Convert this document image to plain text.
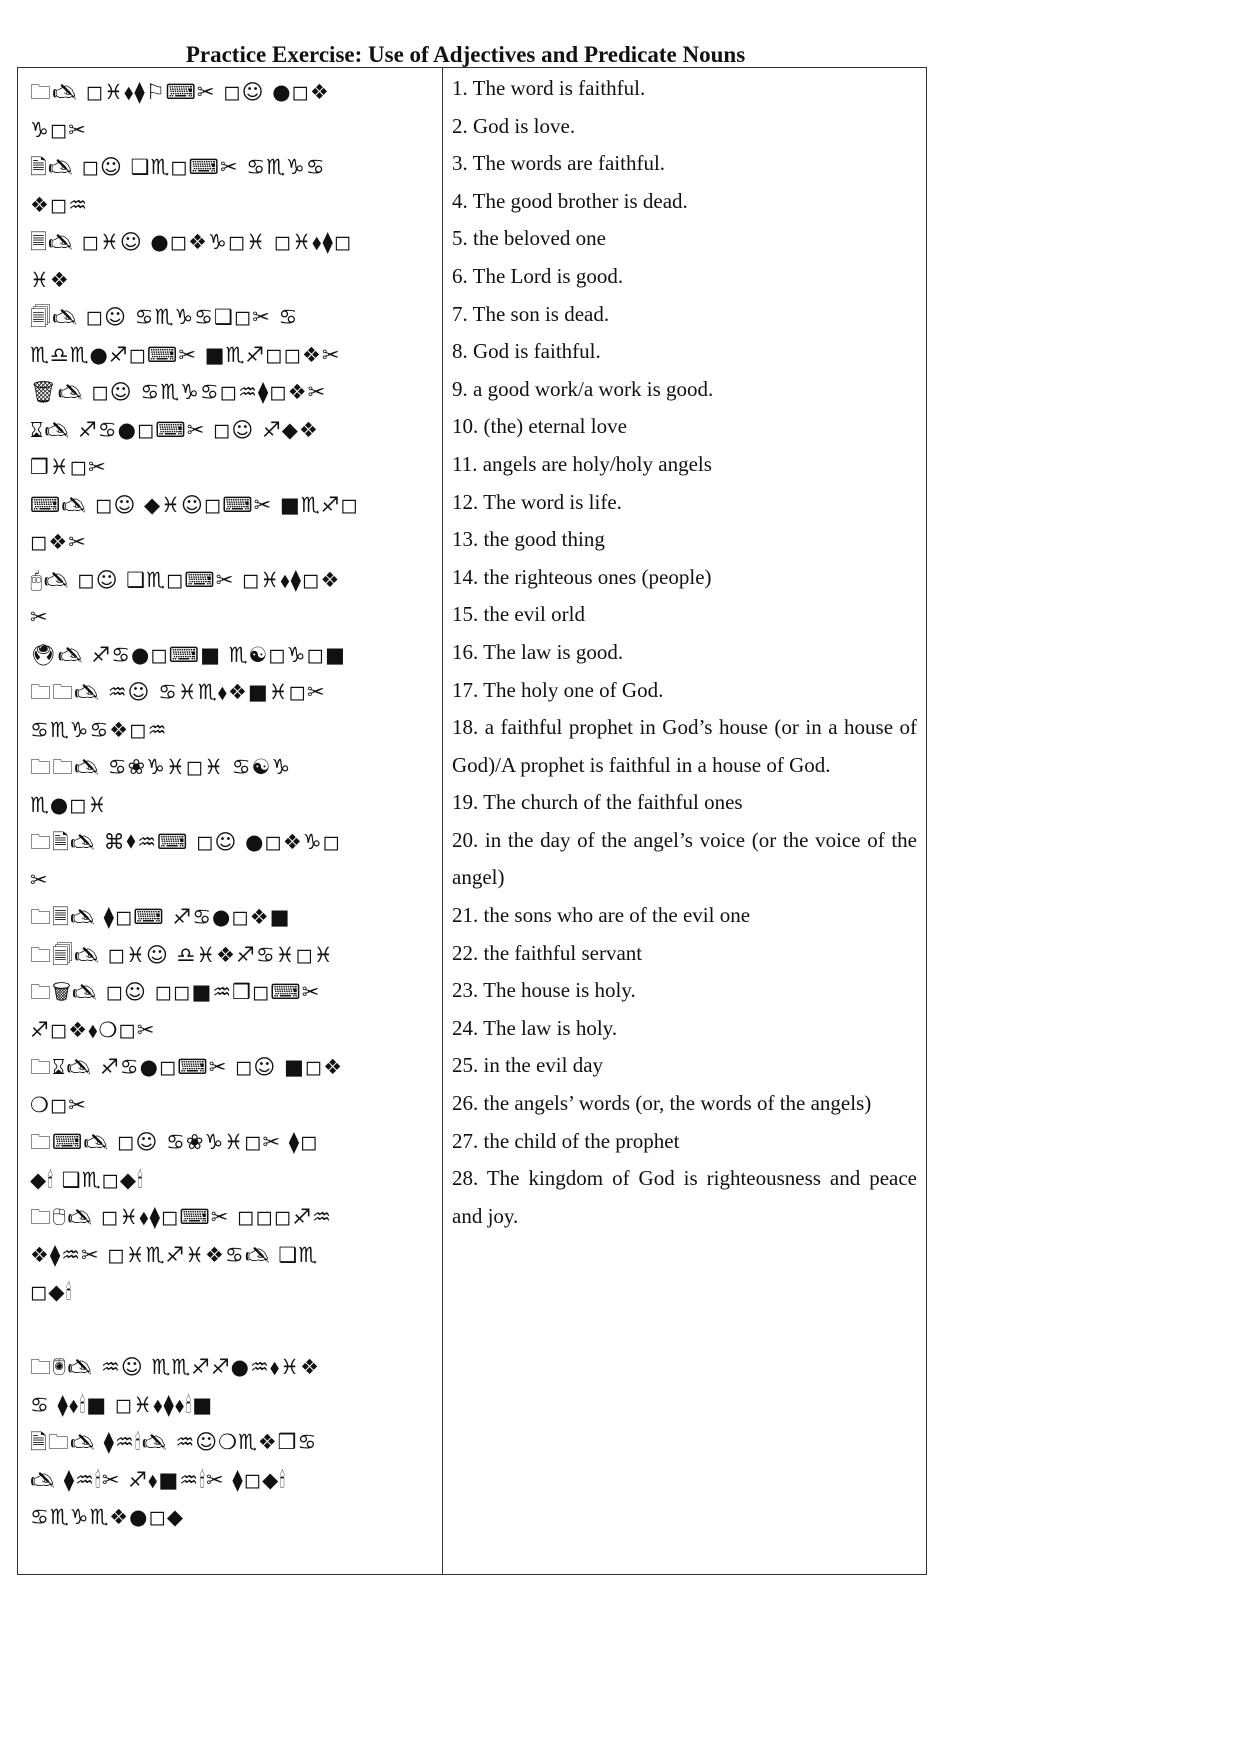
Practice Exercise: Use of Adjectives and Predicate Nouns
🗀🖎 ◻︎♓︎⬧︎⧫︎⚐︎⌨︎✂︎ ◻︎☺︎ ●◻︎❖︎
♑︎◻︎✂︎
🗎🖎 ◻︎☺︎ ❑︎♏︎◻︎⌨︎✂︎ ♋︎♏︎♑︎♋︎
❖︎◻︎♒︎
🗏🖎 ◻︎♓︎☺︎ ●◻︎❖︎♑︎◻︎♓︎ ◻︎♓︎⬧︎⧫︎◻︎
♓︎❖︎
🗐🖎 ◻︎☺︎ ♋︎♏︎♑︎♋︎❑︎◻︎✂︎ ♋︎
♏︎♎︎♏︎●♐︎◻︎⌨︎✂︎ ■♏︎♐︎◻︎◻︎❖︎✂︎
🗑🖎 ◻︎☺︎ ♋︎♏︎♑︎♋︎◻︎♒︎⧫︎◻︎❖︎✂︎
⌛︎🖎 ♐︎♋︎●◻︎⌨︎✂︎ ◻︎☺︎ ♐︎◆︎❖︎
❒︎♓︎◻︎✂︎
⌨︎🖎 ◻︎☺︎ ◆︎♓︎☺︎◻︎⌨︎✂︎ ■♏︎♐︎◻︎
◻︎❖︎✂︎
🖰🖎 ◻︎☺︎ ❑︎♏︎◻︎⌨︎✂︎ ◻︎♓︎⬧︎⧫︎◻︎❖︎
✂︎
🖲🖎 ♐︎♋︎●◻︎⌨︎■ ♏︎☯︎◻︎♑︎◻︎■
🗀🗀🖎 ♒︎☺︎ ♋︎♓︎♏︎⬧︎❖︎■♓︎◻︎✂︎
♋︎♏︎♑︎♋︎❖︎◻︎♒︎
🗀🗀🖎 ♋︎❀︎♑︎♓︎◻︎♓︎ ♋︎☯︎♑︎
♏︎●◻︎♓︎
🗀🗎🖎 ⌘︎⬧︎♒︎⌨︎ ◻︎☺︎ ●◻︎❖︎♑︎◻︎
✂︎
🗀🗏🖎 ⧫︎◻︎⌨︎ ♐︎♋︎●◻︎❖︎■
🗀🗐🖎 ◻︎♓︎☺︎ ♎︎♓︎❖︎♐︎♋︎♓︎◻︎♓︎
🗀🗑🖎 ◻︎☺︎ ◻︎◻︎■♒︎❒︎◻︎⌨︎✂︎
♐︎◻︎❖︎⬧︎❍︎◻︎✂︎
🗀⌛︎🖎 ♐︎♋︎●◻︎⌨︎✂︎ ◻︎☺︎ ■◻︎❖︎
❍︎◻︎✂︎
🗀⌨︎🖎 ◻︎☺︎ ♋︎❀︎♑︎♓︎◻︎✂︎ ⧫︎◻︎
◆︎🕯︎ ❑︎♏︎◻︎◆︎🕯︎
🗀🖰🖎 ◻︎♓︎⬧︎⧫︎◻︎⌨︎✂︎ ◻︎◻︎◻︎♐︎♒︎
❖︎⧫︎♒︎✂︎ ◻︎♓︎♏︎♐︎♓︎❖︎♋︎🖎 ❑︎♏︎
◻︎◆︎🕯︎
🗀🖲🖎 ♒︎☺︎ ♏︎♏︎♐︎♐︎●♒︎⬧︎♓︎❖︎
♋︎ ⧫︎⬧︎🕯︎■ ◻︎♓︎⬧︎⧫︎⬧︎🕯︎■
🗎🗀🖎 ⧫︎♒︎🕯︎🖎 ♒︎☺︎❍︎♏︎❖︎❒︎♋︎
🖎 ⧫︎♒︎🕯︎✂︎ ♐︎⬧︎■♒︎🕯︎✂︎ ⧫︎◻︎◆︎🕯︎
♋︎♏︎♑︎♏︎❖︎●◻︎◆︎

1. The word is faithful.

2. God is love.

3. The words are faithful.

4. The good brother is dead.

5. the beloved one

6. The Lord is good.

7. The son is dead.

8. God is faithful.

9. a good work/a work is good.

10. (the) eternal love

11. angels are holy/holy angels

12. The word is life.

13. the good thing

14. the righteous ones (people)

15. the evil orld

16. The law is good.

17. The holy one of God.

18. a faithful prophet in God’s house (or in a house of God)/A prophet is faithful in a house of God.

19. The church of the faithful ones

20. in the day of the angel’s voice (or the voice of the angel)

21. the sons who are of the evil one

22. the faithful servant

23. The house is holy.

24. The law is holy.

25. in the evil day

26. the angels’ words (or, the words of the angels)

27. the child of the prophet

28. The kingdom of God is righteousness and peace and joy.
